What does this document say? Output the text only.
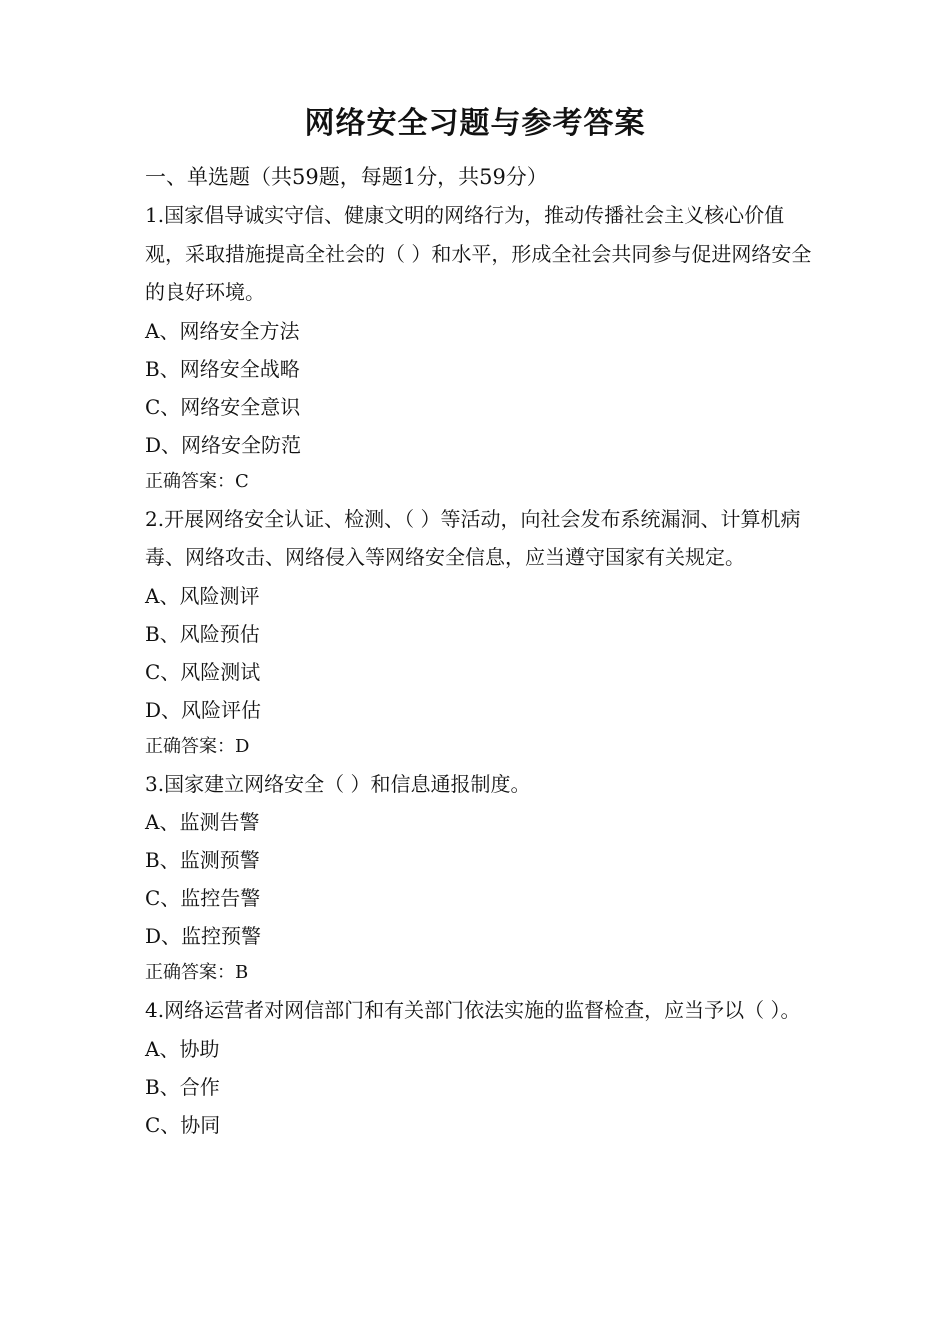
网络安全习题与参考答案

一、单选题（共59题，每题1分，共59分）

1.国家倡导诚实守信、健康文明的网络行为，推动传播社会主义核心价值观，采取措施提高全社会的（ ）和水平，形成全社会共同参与促进网络安全的良好环境。

A、网络安全方法

B、网络安全战略

C、网络安全意识

D、网络安全防范

正确答案：C

2.开展网络安全认证、检测、（ ）等活动，向社会发布系统漏洞、计算机病毒、网络攻击、网络侵入等网络安全信息，应当遵守国家有关规定。

A、风险测评

B、风险预估

C、风险测试

D、风险评估

正确答案：D

3.国家建立网络安全（ ）和信息通报制度。

A、监测告警

B、监测预警

C、监控告警

D、监控预警

正确答案：B

4.网络运营者对网信部门和有关部门依法实施的监督检查，应当予以（ ）。

A、协助

B、合作

C、协同
